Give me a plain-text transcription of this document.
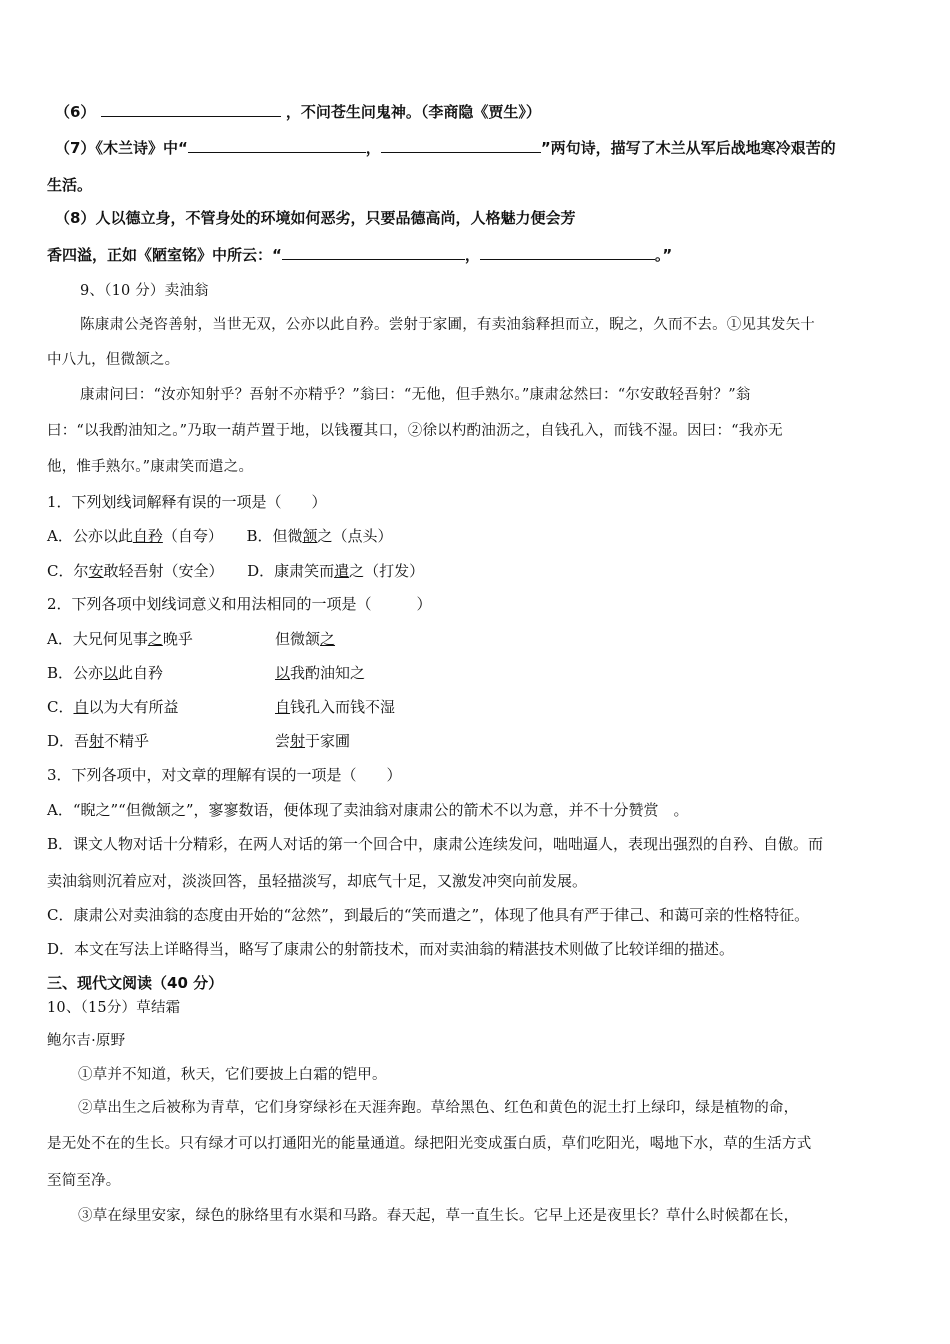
（6）	，不问苍生问鬼神。（李商隐《贾生》）
（7）《木兰诗》中“	，	”两句诗，描写了木兰从军后战地寒冷艰苦的
生活。
（8）人以德立身，不管身处的环境如何恶劣，只要品德高尚，人格魅力便会芳
香四溢，正如《陋室铭》中所云：“	，	。”
9、（10 分）卖油翁
陈康肃公尧咨善射，当世无双，公亦以此自矜。尝射于家圃，有卖油翁释担而立，睨之，久而不去。①见其发矢十
中八九，但微颔之。
康肃问曰：“汝亦知射乎？吾射不亦精乎？”翁曰：“无他，但手熟尔。”康肃忿然曰：“尔安敢轻吾射？”翁
曰：“以我酌油知之。”乃取一葫芦置于地，以钱覆其口，②徐以杓酌油沥之，自钱孔入，而钱不湿。因曰：“我亦无
他，惟手熟尔。”康肃笑而遣之。
1．下列划线词解释有误的一项是（　　）
A．公亦以此自矜（自夸） B．但微颔之（点头）
C．尔安敢轻吾射（安全） D．康肃笑而遣之（打发）
2．下列各项中划线词意义和用法相同的一项是（　　　）
A．大兄何见事之晚乎	但微颔之
B．公亦以此自矜	以我酌油知之
C．自以为大有所益	自钱孔入而钱不湿
D．吾射不精乎	尝射于家圃
3．下列各项中，对文章的理解有误的一项是（　　）
A．“睨之”“但微颔之”，寥寥数语，便体现了卖油翁对康肃公的箭术不以为意，并不十分赞赏　。
B．课文人物对话十分精彩，在两人对话的第一个回合中，康肃公连续发问，咄咄逼人，表现出强烈的自矜、自傲。而
卖油翁则沉着应对，淡淡回答，虽轻描淡写，却底气十足，又激发冲突向前发展。
C．康肃公对卖油翁的态度由开始的“忿然”，到最后的“笑而遣之”，体现了他具有严于律己、和蔼可亲的性格特征。
D．本文在写法上详略得当，略写了康肃公的射箭技术，而对卖油翁的精湛技术则做了比较详细的描述。
三、现代文阅读（40 分）
10、（15分）草结霜
鲍尔吉·原野
①草并不知道，秋天，它们要披上白霜的铠甲。
②草出生之后被称为青草，它们身穿绿衫在天涯奔跑。草给黑色、红色和黄色的泥土打上绿印，绿是植物的命，
是无处不在的生长。只有绿才可以打通阳光的能量通道。绿把阳光变成蛋白质，草们吃阳光，喝地下水，草的生活方式
至简至净。
③草在绿里安家，绿色的脉络里有水渠和马路。春天起，草一直生长。它早上还是夜里长？草什么时候都在长，
